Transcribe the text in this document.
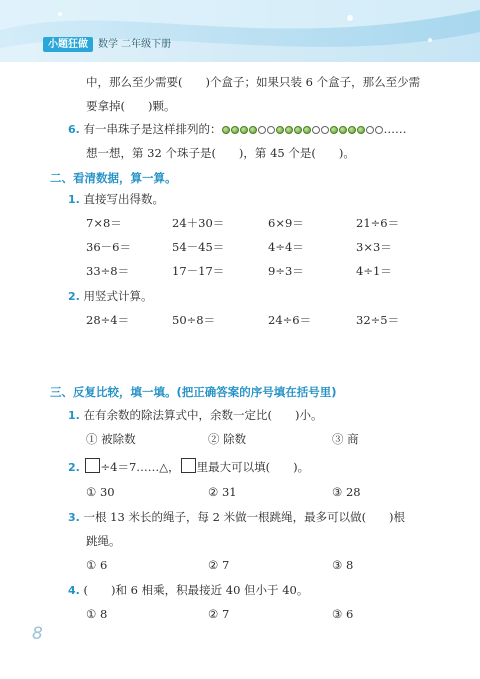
小题狂做	数学 二年级下册
中，那么至少需要(　　)个盒子；如果只装 6 个盒子，那么至少需
要拿掉(　　)颗。
6. 有一串珠子是这样排列的：	……
想一想，第 32 个珠子是(　　)，第 45 个是(　　)。
二、看清数据，算一算。
1. 直接写出得数。
7×8＝	24＋30＝	6×9＝	21÷6＝
36－6＝	54－45＝	4÷4＝	3×3＝
33÷8＝	17－17＝	9÷3＝	4÷1＝
2. 用竖式计算。
28÷4＝	50÷8＝	24÷6＝	32÷5＝
三、反复比较，填一填。(把正确答案的序号填在括号里)
1. 在有余数的除法算式中，余数一定比(　　)小。
① 被除数	② 除数	③ 商
2. ÷4＝7……△， 里最大可以填(　　)。
① 30	② 31	③ 28
3. 一根 13 米长的绳子，每 2 米做一根跳绳，最多可以做(　　)根
跳绳。
① 6	② 7	③ 8
4. (　　)和 6 相乘，积最接近 40 但小于 40。
① 8	② 7	③ 6
8
